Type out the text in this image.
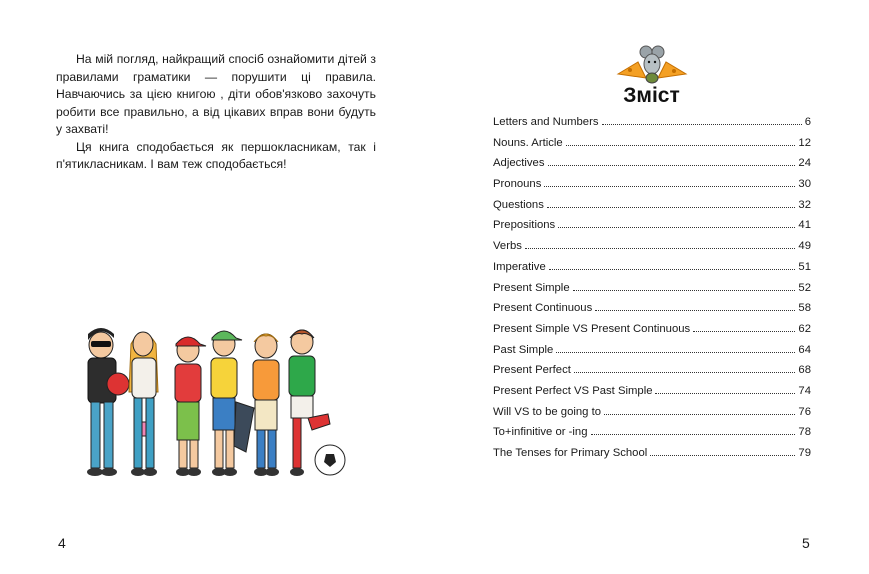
На мій погляд, найкращий спосіб ознайомити дітей з правилами граматики — порушити ці правила. Навчаючись за цією книгою , діти обов'язково захочуть робити все правильно, а від цікавих вправ вони будуть у захваті!

Ця книга сподобається як першокласникам, так і п'ятикласникам. І вам теж сподобається!

4
Зміст
Letters and Numbers	6
Nouns. Article	12
Adjectives	24
Pronouns	30
Questions	32
Prepositions	41
Verbs	49
Imperative	51
Present Simple	52
Present Continuous	58
Present Simple VS Present Continuous	62
Past Simple	64
Present Perfect	68
Present Perfect VS Past Simple	74
Will VS to be going to	76
To+infinitive or -ing	78
The Tenses for Primary School	79
5
